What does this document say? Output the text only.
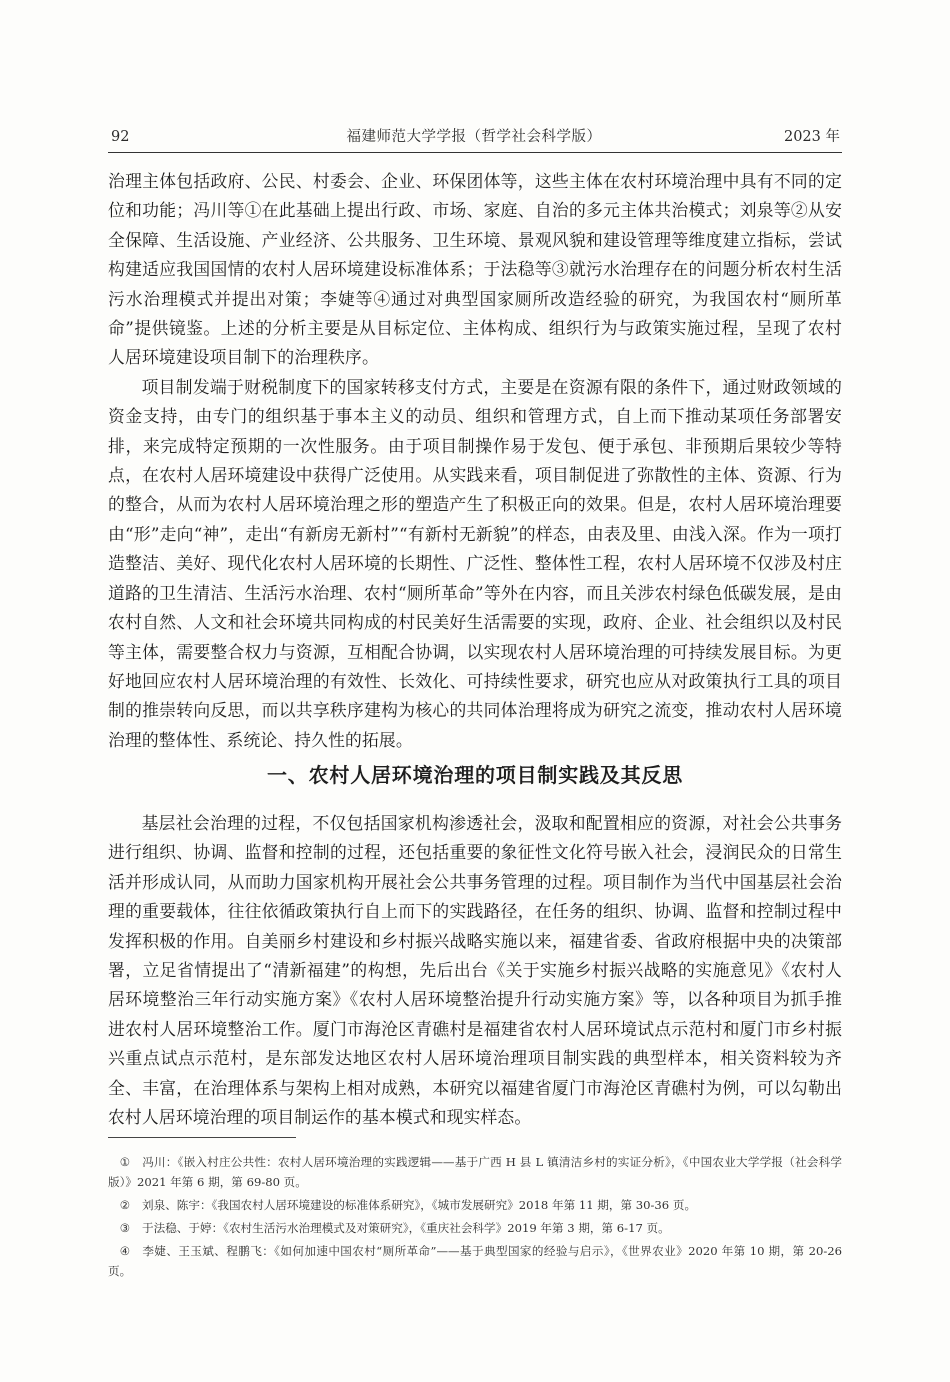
92	福建师范大学学报（哲学社会科学版）	2023 年

治理主体包括政府、公民、村委会、企业、环保团体等，这些主体在农村环境治理中具有不同的定位和功能；冯川等①在此基础上提出行政、市场、家庭、自治的多元主体共治模式；刘泉等②从安全保障、生活设施、产业经济、公共服务、卫生环境、景观风貌和建设管理等维度建立指标，尝试构建适应我国国情的农村人居环境建设标准体系；于法稳等③就污水治理存在的问题分析农村生活污水治理模式并提出对策；李婕等④通过对典型国家厕所改造经验的研究，为我国农村“厕所革命”提供镜鉴。上述的分析主要是从目标定位、主体构成、组织行为与政策实施过程，呈现了农村人居环境建设项目制下的治理秩序。

项目制发端于财税制度下的国家转移支付方式，主要是在资源有限的条件下，通过财政领域的资金支持，由专门的组织基于事本主义的动员、组织和管理方式，自上而下推动某项任务部署安排，来完成特定预期的一次性服务。由于项目制操作易于发包、便于承包、非预期后果较少等特点，在农村人居环境建设中获得广泛使用。从实践来看，项目制促进了弥散性的主体、资源、行为的整合，从而为农村人居环境治理之形的塑造产生了积极正向的效果。但是，农村人居环境治理要由“形”走向“神”，走出“有新房无新村”“有新村无新貌”的样态，由表及里、由浅入深。作为一项打造整洁、美好、现代化农村人居环境的长期性、广泛性、整体性工程，农村人居环境不仅涉及村庄道路的卫生清洁、生活污水治理、农村“厕所革命”等外在内容，而且关涉农村绿色低碳发展，是由农村自然、人文和社会环境共同构成的村民美好生活需要的实现，政府、企业、社会组织以及村民等主体，需要整合权力与资源，互相配合协调，以实现农村人居环境治理的可持续发展目标。为更好地回应农村人居环境治理的有效性、长效化、可持续性要求，研究也应从对政策执行工具的项目制的推崇转向反思，而以共享秩序建构为核心的共同体治理将成为研究之流变，推动农村人居环境治理的整体性、系统论、持久性的拓展。

一、农村人居环境治理的项目制实践及其反思

基层社会治理的过程，不仅包括国家机构渗透社会，汲取和配置相应的资源，对社会公共事务进行组织、协调、监督和控制的过程，还包括重要的象征性文化符号嵌入社会，浸润民众的日常生活并形成认同，从而助力国家机构开展社会公共事务管理的过程。项目制作为当代中国基层社会治理的重要载体，往往依循政策执行自上而下的实践路径，在任务的组织、协调、监督和控制过程中发挥积极的作用。自美丽乡村建设和乡村振兴战略实施以来，福建省委、省政府根据中央的决策部署，立足省情提出了“清新福建”的构想，先后出台《关于实施乡村振兴战略的实施意见》《农村人居环境整治三年行动实施方案》《农村人居环境整治提升行动实施方案》等，以各种项目为抓手推进农村人居环境整治工作。厦门市海沧区青礁村是福建省农村人居环境试点示范村和厦门市乡村振兴重点试点示范村，是东部发达地区农村人居环境治理项目制实践的典型样本，相关资料较为齐全、丰富，在治理体系与架构上相对成熟，本研究以福建省厦门市海沧区青礁村为例，可以勾勒出农村人居环境治理的项目制运作的基本模式和现实样态。

① 冯川：《嵌入村庄公共性：农村人居环境治理的实践逻辑——基于广西 H 县 L 镇清洁乡村的实证分析》，《中国农业大学学报（社会科学版）》2021 年第 6 期，第 69-80 页。

② 刘泉、陈宇：《我国农村人居环境建设的标准体系研究》，《城市发展研究》2018 年第 11 期，第 30-36 页。

③ 于法稳、于婷：《农村生活污水治理模式及对策研究》，《重庆社会科学》2019 年第 3 期，第 6-17 页。

④ 李婕、王玉斌、程鹏飞：《如何加速中国农村“厕所革命”——基于典型国家的经验与启示》，《世界农业》2020 年第 10 期，第 20-26 页。
